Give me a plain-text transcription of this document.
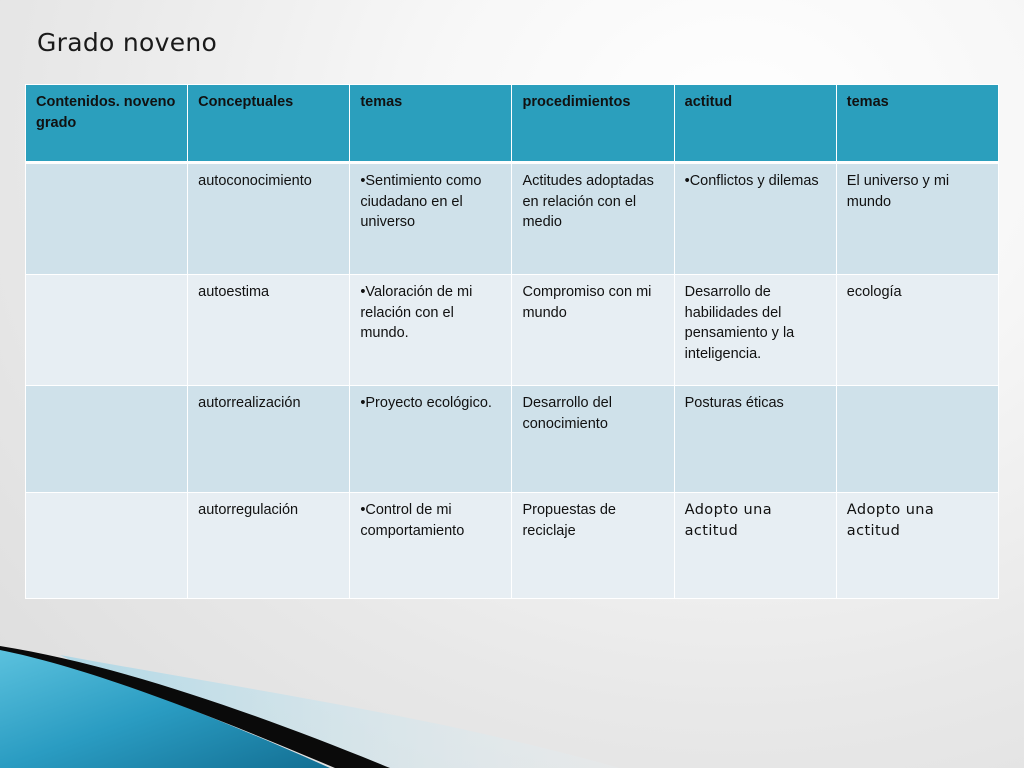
Grado noveno
Contenidos. noveno grado	Conceptuales	temas	procedimientos	actitud	temas
	autoconocimiento	•Sentimiento como ciudadano en el universo	Actitudes adoptadas en relación con el medio	•Conflictos y dilemas	El universo y mi mundo
	autoestima	•Valoración de mi relación con el mundo.	Compromiso con mi mundo	Desarrollo de habilidades del pensamiento y la inteligencia.	ecología
	autorrealización	•Proyecto ecológico.	Desarrollo del conocimiento	Posturas éticas	
	autorregulación	•Control de mi comportamiento	Propuestas de reciclaje	Adopto una actitud	Adopto una actitud
